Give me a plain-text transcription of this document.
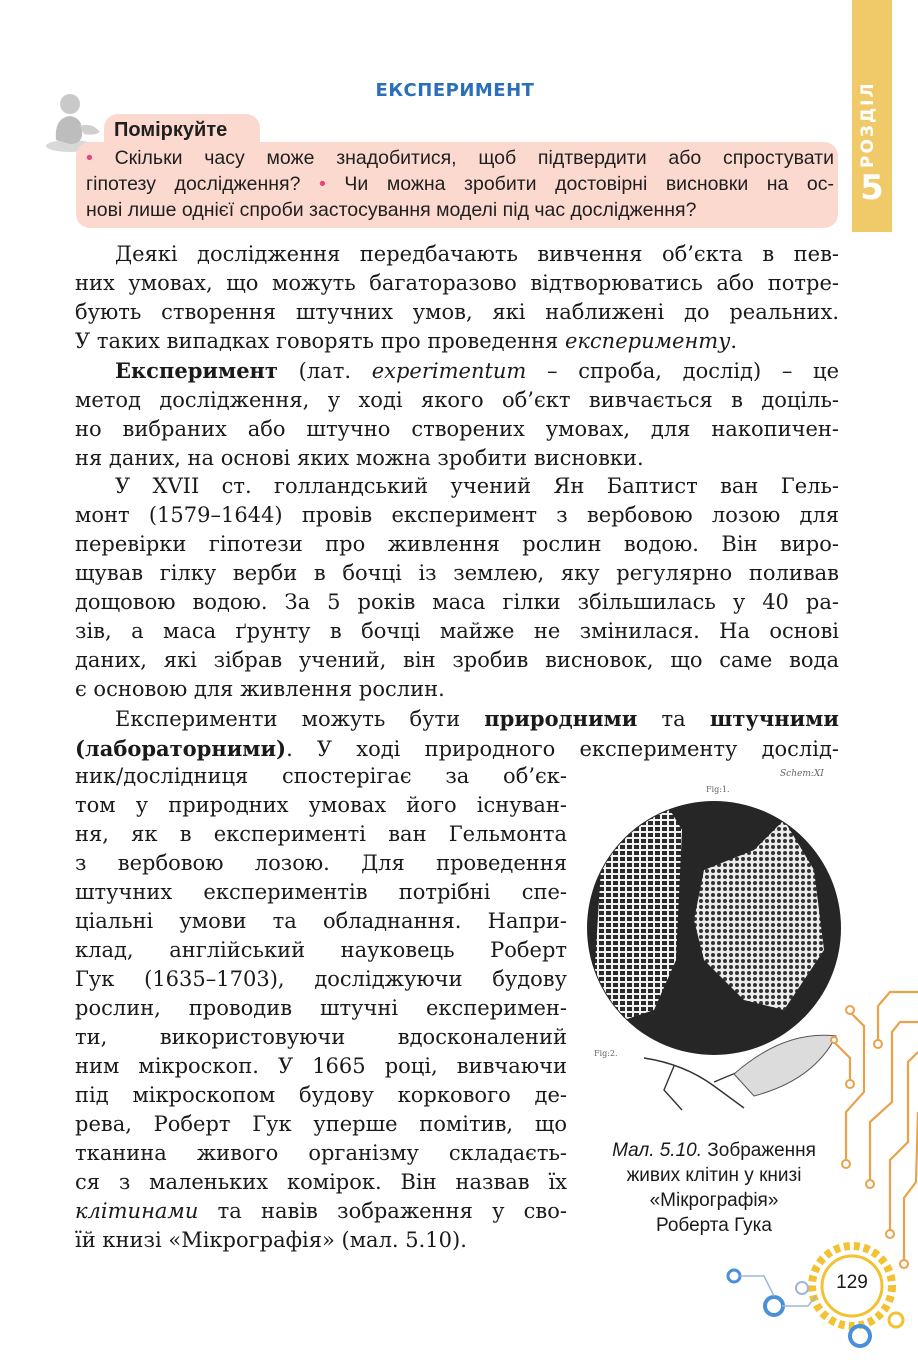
РОЗДІЛ
5
ЕКСПЕРИМЕНТ
Поміркуйте
• Скільки часу може знадобитися, щоб підтвердити або спростувати
гіпотезу дослідження? • Чи можна зробити достовірні висновки на ос-
нові лише однієї спроби застосування моделі під час дослідження?
Деякі дослідження передбачають вивчення об’єкта в пев-
них умовах, що можуть багаторазово відтворюватись або потре-
бують створення штучних умов, які наближені до реальних.
У таких випадках говорять про проведення експерименту.
Експеримент (лат. experimentum – спроба, дослід) – це
метод дослідження, у ході якого об’єкт вивчається в доціль-
но вибраних або штучно створених умовах, для накопичен-
ня даних, на основі яких можна зробити висновки.
У XVII ст. голландський учений Ян Баптист ван Гель-
монт (1579–1644) провів експеримент з вербовою лозою для
перевірки гіпотези про живлення рослин водою. Він виро-
щував гілку верби в бочці із землею, яку регулярно поливав
дощовою водою. За 5 років маса гілки збільшилась у 40 ра-
зів, а маса ґрунту в бочці майже не змінилася. На основі
даних, які зібрав учений, він зробив висновок, що саме вода
є основою для живлення рослин.
Експерименти можуть бути природними та штучними
(лабораторними). У ході природного експерименту дослід-
ник/дослідниця спостерігає за об’єк-
том у природних умовах його існуван-
ня, як в експерименті ван Гельмонта
з вербовою лозою. Для проведення
штучних експериментів потрібні спе-
ціальні умови та обладнання. Напри-
клад, англійський науковець Роберт
Гук (1635–1703), досліджуючи будову
рослин, проводив штучні експеримен-
ти, використовуючи вдосконалений
ним мікроскоп. У 1665 році, вивчаючи
під мікроскопом будову коркового де-
рева, Роберт Гук уперше помітив, що
тканина живого організму складаєть-
ся з маленьких комірок. Він назвав їх
клітинами та навів зображення у сво-
їй книзі «Мікрографія» (мал. 5.10).
Schem:XI
Fig:1.
Fig:2.
Мал. 5.10. Зображення
живих клітин у книзі
«Мікрографія»
Роберта Гука
129
